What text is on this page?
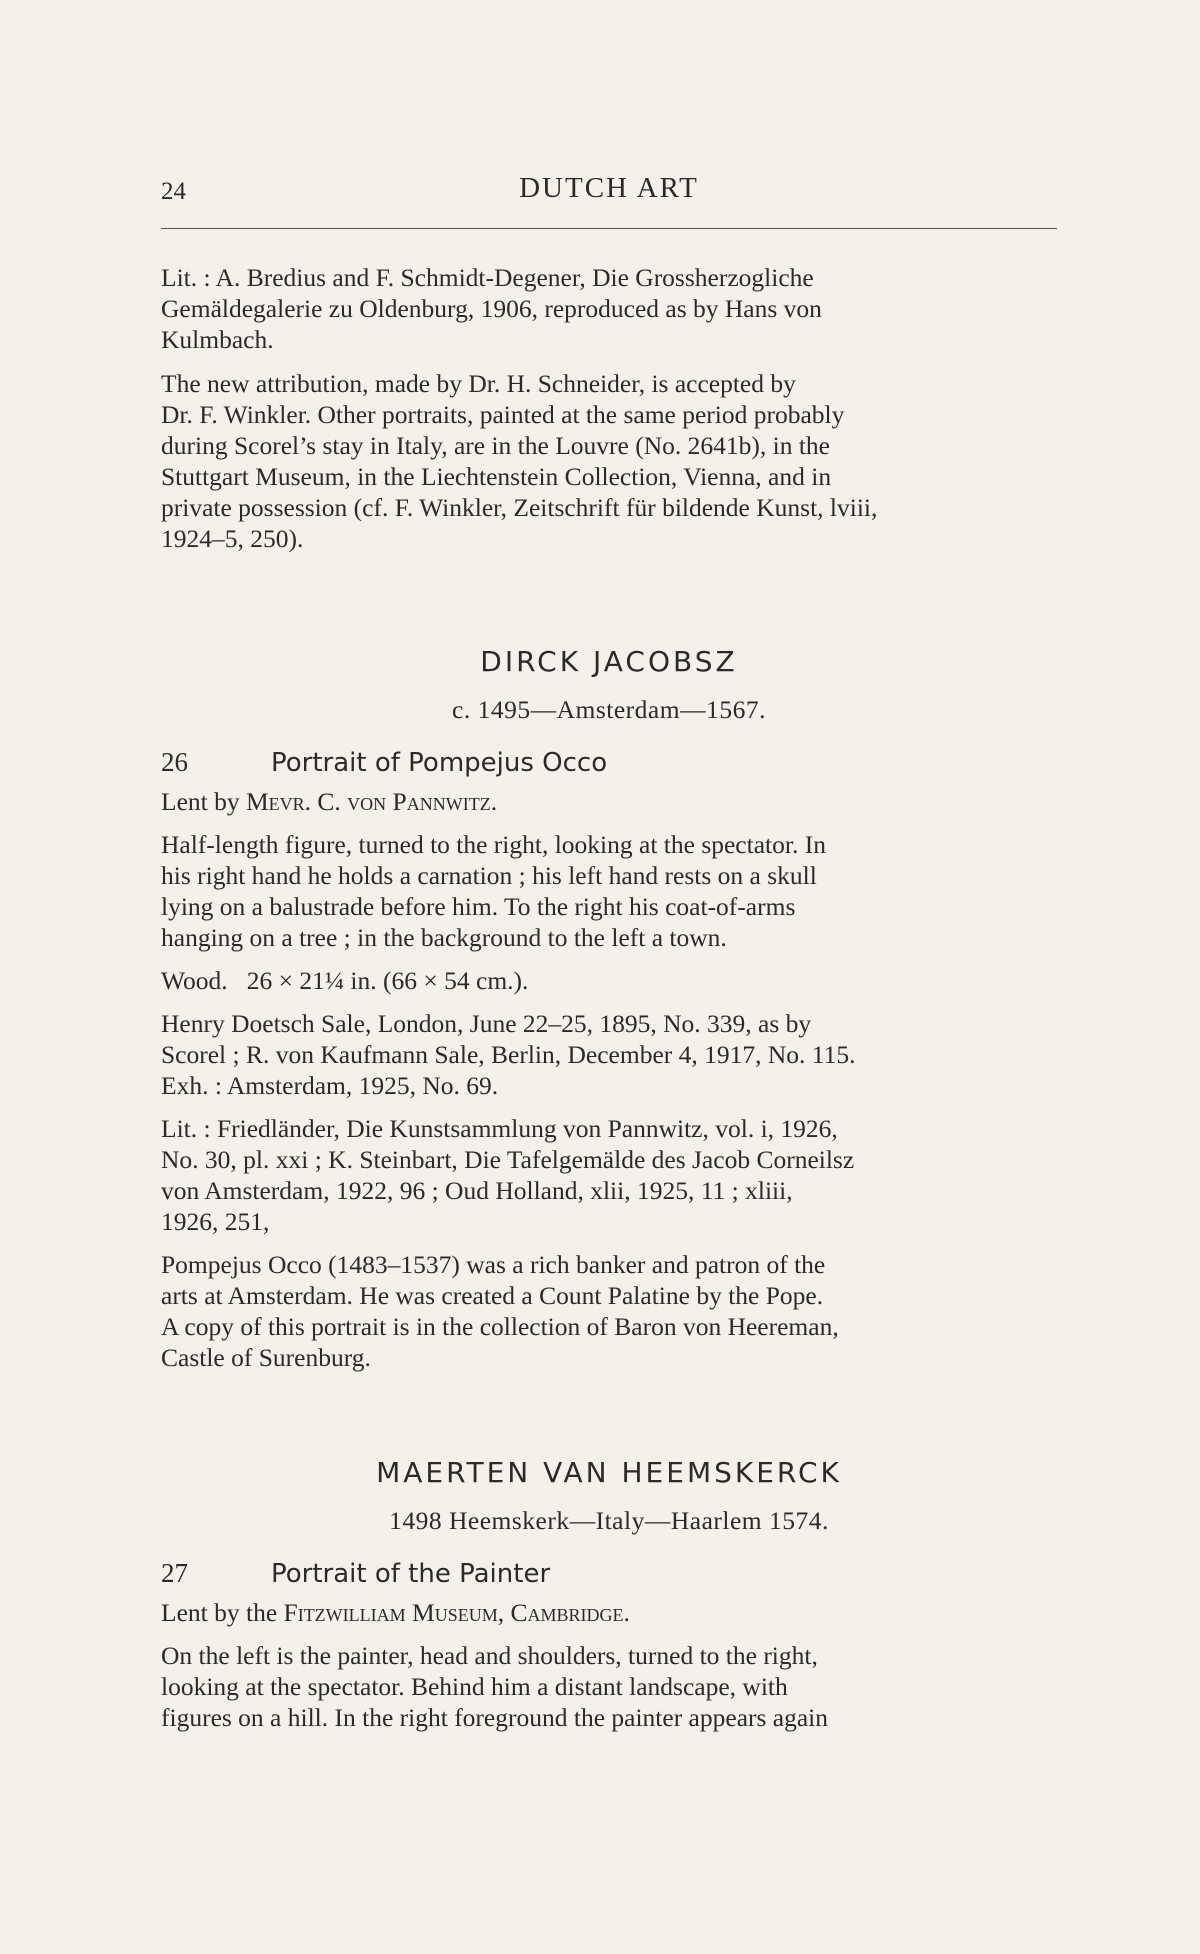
24	DUTCH ART

Lit. : A. Bredius and F. Schmidt-Degener, Die Grossherzogliche
Gemäldegalerie zu Oldenburg, 1906, reproduced as by Hans von
Kulmbach.

The new attribution, made by Dr. H. Schneider, is accepted by
Dr. F. Winkler. Other portraits, painted at the same period probably
during Scorel’s stay in Italy, are in the Louvre (No. 2641b), in the
Stuttgart Museum, in the Liechtenstein Collection, Vienna, and in
private possession (cf. F. Winkler, Zeitschrift für bildende Kunst, lviii,
1924–5, 250).

DIRCK JACOBSZ
c. 1495—Amsterdam—1567.
26	Portrait of Pompejus Occo

Lent by Mevr. C. von Pannwitz.

Half-length figure, turned to the right, looking at the spectator. In
his right hand he holds a carnation ; his left hand rests on a skull
lying on a balustrade before him. To the right his coat-of-arms
hanging on a tree ; in the background to the left a town.

Wood. 26 × 21¼ in. (66 × 54 cm.).

Henry Doetsch Sale, London, June 22–25, 1895, No. 339, as by
Scorel ; R. von Kaufmann Sale, Berlin, December 4, 1917, No. 115.
Exh. : Amsterdam, 1925, No. 69.

Lit. : Friedländer, Die Kunstsammlung von Pannwitz, vol. i, 1926,
No. 30, pl. xxi ; K. Steinbart, Die Tafelgemälde des Jacob Corneilsz
von Amsterdam, 1922, 96 ; Oud Holland, xlii, 1925, 11 ; xliii,
1926, 251,

Pompejus Occo (1483–1537) was a rich banker and patron of the
arts at Amsterdam. He was created a Count Palatine by the Pope.
A copy of this portrait is in the collection of Baron von Heereman,
Castle of Surenburg.

MAERTEN VAN HEEMSKERCK
1498 Heemskerk—Italy—Haarlem 1574.
27	Portrait of the Painter

Lent by the Fitzwilliam Museum, Cambridge.

On the left is the painter, head and shoulders, turned to the right,
looking at the spectator. Behind him a distant landscape, with
figures on a hill. In the right foreground the painter appears again
